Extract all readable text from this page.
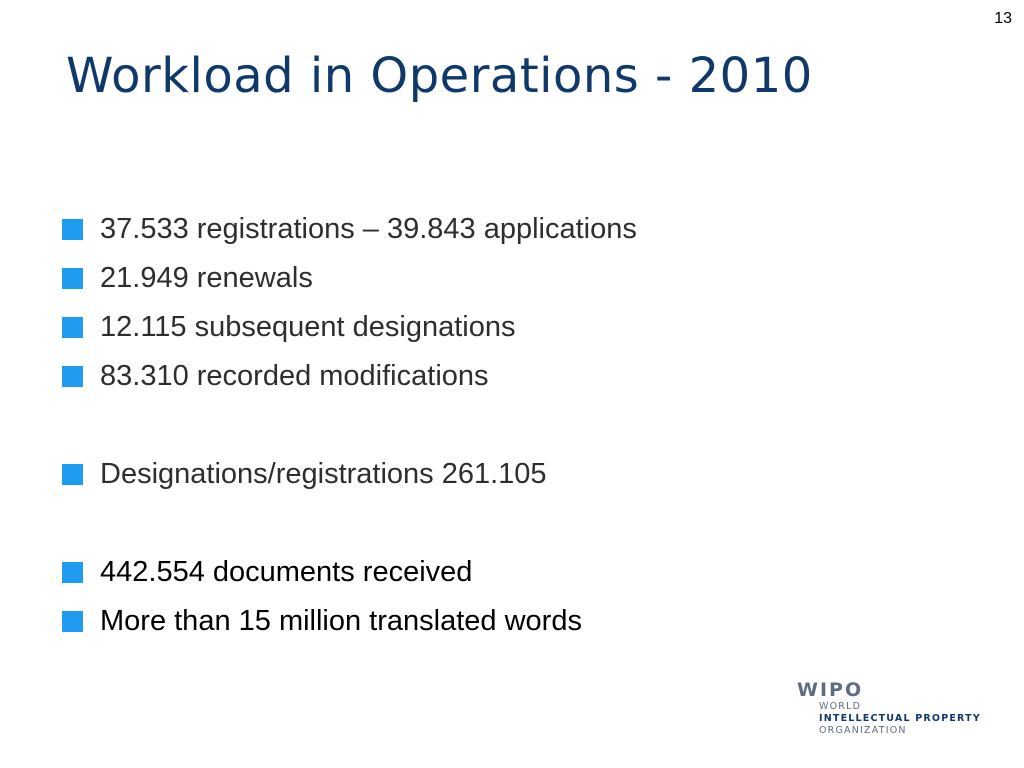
13
Workload in Operations - 2010
37.533 registrations – 39.843 applications
21.949 renewals
12.115 subsequent designations
83.310 recorded modifications
Designations/registrations 261.105
442.554 documents received
More than 15 million translated words
WIPO
WORLD
INTELLECTUAL PROPERTY
ORGANIZATION
